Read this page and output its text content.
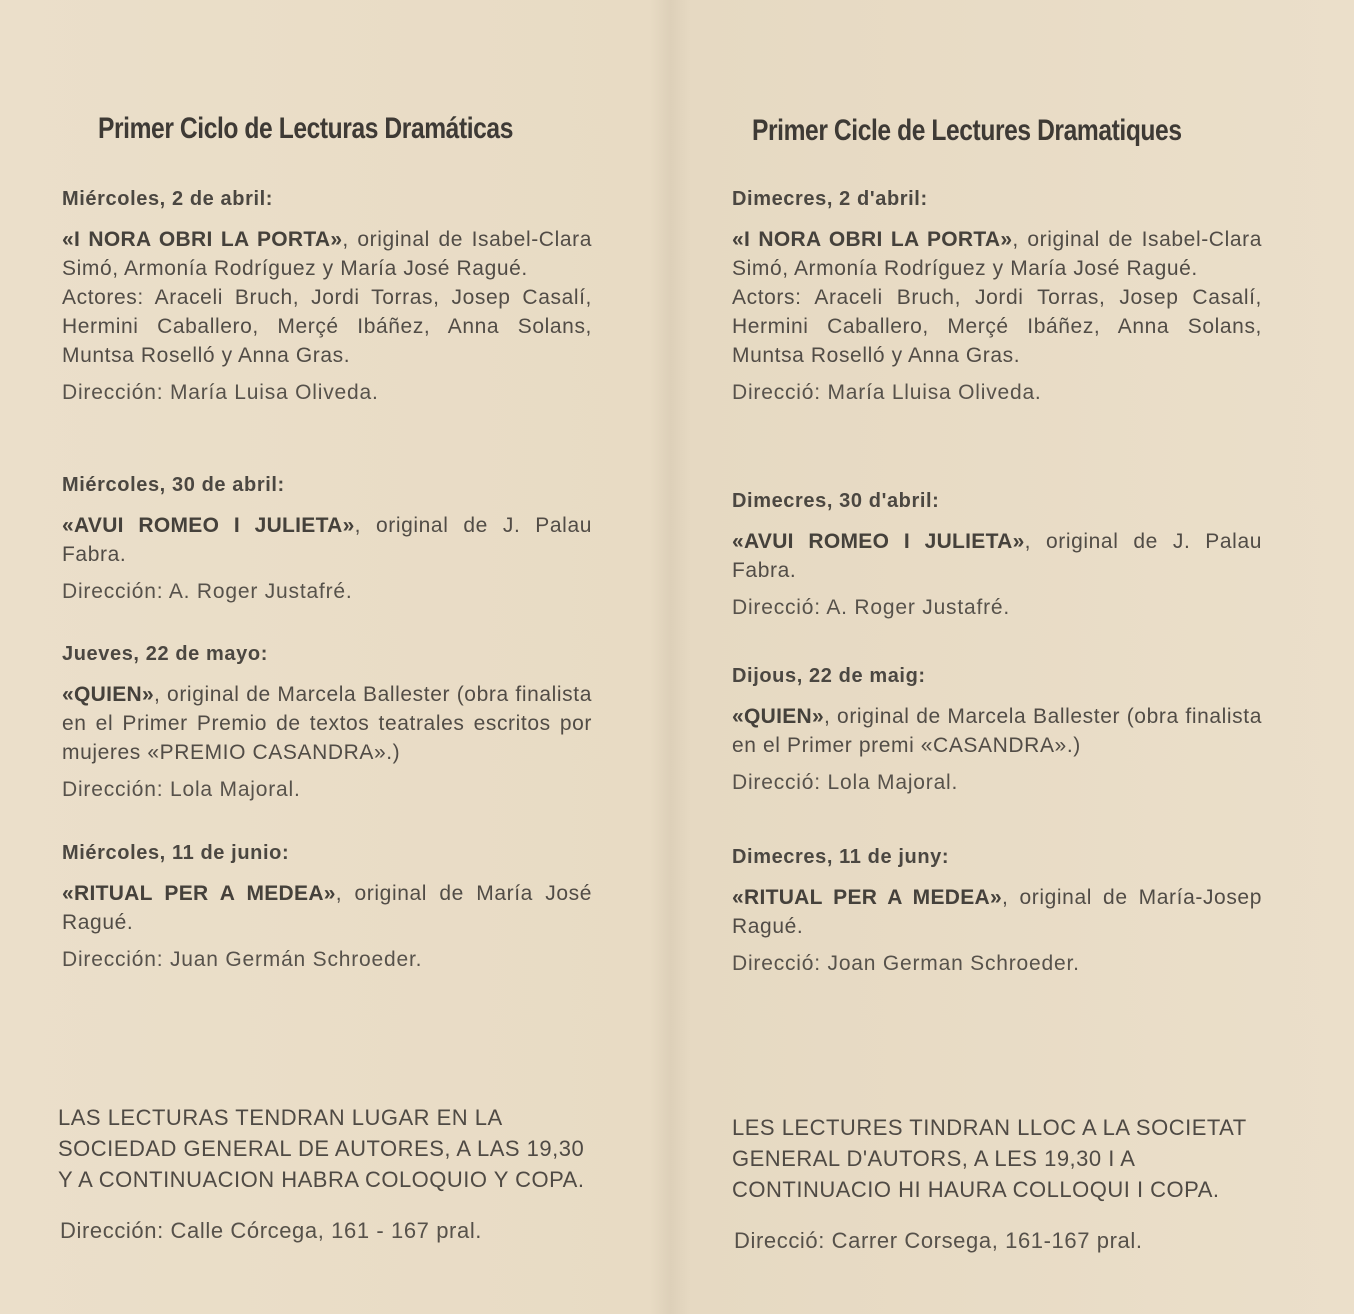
Primer Ciclo de Lecturas Dramáticas
Miércoles, 2 de abril:
«I NORA OBRI LA PORTA», original de Isabel-Clara Simó, Armonía Rodríguez y María José Ragué.
Actores: Araceli Bruch, Jordi Torras, Josep Casalí, Hermini Caballero, Merçé Ibáñez, Anna Solans, Muntsa Roselló y Anna Gras.
Dirección: María Luisa Oliveda.
Miércoles, 30 de abril:
«AVUI ROMEO I JULIETA», original de J. Palau Fabra.
Dirección: A. Roger Justafré.
Jueves, 22 de mayo:
«QUIEN», original de Marcela Ballester (obra finalista en el Primer Premio de textos teatrales escritos por mujeres «PREMIO CASANDRA».)
Dirección: Lola Majoral.
Miércoles, 11 de junio:
«RITUAL PER A MEDEA», original de María José Ragué.
Dirección: Juan Germán Schroeder.
LAS LECTURAS TENDRAN LUGAR EN LA SOCIEDAD GENERAL DE AUTORES, A LAS 19,30 Y A CONTINUACION HABRA COLOQUIO Y COPA.
Dirección: Calle Córcega, 161 - 167 pral.
Primer Cicle de Lectures Dramatiques
Dimecres, 2 d'abril:
«I NORA OBRI LA PORTA», original de Isabel-Clara Simó, Armonía Rodríguez y María José Ragué.
Actors: Araceli Bruch, Jordi Torras, Josep Casalí, Hermini Caballero, Merçé Ibáñez, Anna Solans, Muntsa Roselló y Anna Gras.
Direcció: María Lluisa Oliveda.
Dimecres, 30 d'abril:
«AVUI ROMEO I JULIETA», original de J. Palau Fabra.
Direcció: A. Roger Justafré.
Dijous, 22 de maig:
«QUIEN», original de Marcela Ballester (obra finalista en el Primer premi «CASANDRA».)
Direcció: Lola Majoral.
Dimecres, 11 de juny:
«RITUAL PER A MEDEA», original de María-Josep Ragué.
Direcció: Joan German Schroeder.
LES LECTURES TINDRAN LLOC A LA SOCIETAT GENERAL D'AUTORS, A LES 19,30 I A CONTINUACIO HI HAURA COLLOQUI I COPA.
Direcció: Carrer Corsega, 161-167 pral.
